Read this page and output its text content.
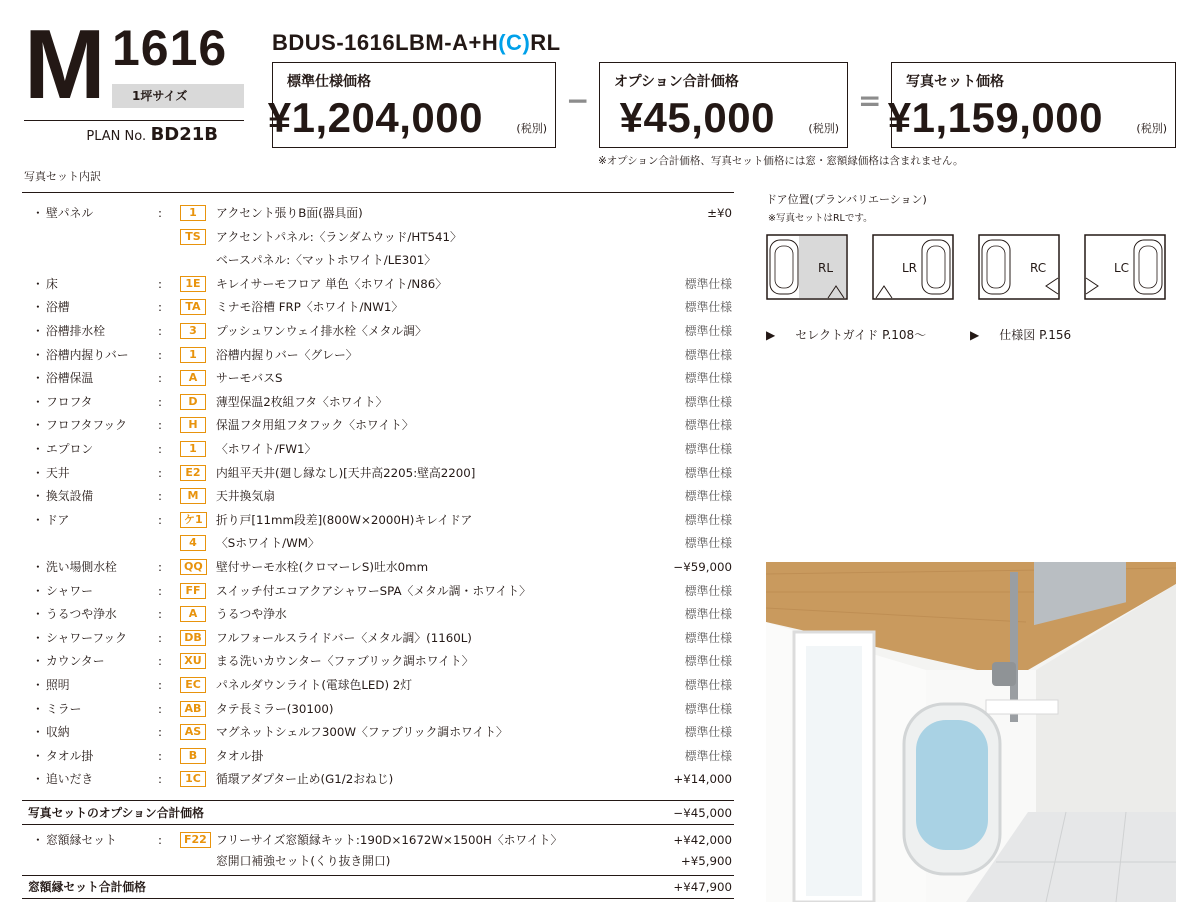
M 1616
1坪サイズ
PLAN No. BD21B
BDUS-1616LBM-A+H(C)RL
標準仕様価格
¥1,204,000	(税別)
−
オプション合計価格
¥45,000	(税別)
=
写真セット価格
¥1,159,000	(税別)
※オプション合計価格、写真セット価格には窓・窓額縁価格は含まれません。
写真セット内訳
・ 壁パネル	:	1	アクセント張りB面(器具面)	±¥0
TS	アクセントパネル:〈ランダムウッド/HT541〉
ベースパネル:〈マットホワイト/LE301〉
・ 床	:	1E	キレイサーモフロア 単色〈ホワイト/N86〉	標準仕様
・ 浴槽	:	TA	ミナモ浴槽 FRP〈ホワイト/NW1〉	標準仕様
・ 浴槽排水栓	:	3	プッシュワンウェイ排水栓〈メタル調〉	標準仕様
・ 浴槽内握りバー :	1	浴槽内握りバー〈グレー〉	標準仕様
・ 浴槽保温	:	A	サーモバスS	標準仕様
・ フロフタ	:	D	薄型保温2枚組フタ〈ホワイト〉	標準仕様
・ フロフタフック	:	H	保温フタ用組フタフック〈ホワイト〉	標準仕様
・ エプロン	:	1	〈ホワイト/FW1〉	標準仕様
・ 天井	:	E2	内組平天井(廻し縁なし)[天井高2205:壁高2200]	標準仕様
・ 換気設備	:	M	天井換気扇	標準仕様
・ ドア	:	ケ1	折り戸[11mm段差](800W×2000H)キレイドア	標準仕様
4	〈Sホワイト/WM〉	標準仕様
・ 洗い場側水栓	:	QQ	壁付サーモ水栓(クロマーレS)吐水0mm	−¥59,000
・ シャワー	:	FF	スイッチ付エコアクアシャワーSPA〈メタル調・ホワイト〉	標準仕様
・ うるつや浄水	:	A	うるつや浄水	標準仕様
・ シャワーフック	:	DB	フルフォールスライドバー〈メタル調〉(1160L)	標準仕様
・ カウンター	:	XU	まる洗いカウンター〈ファブリック調ホワイト〉	標準仕様
・ 照明	:	EC	パネルダウンライト(電球色LED) 2灯	標準仕様
・ ミラー	:	AB	タテ長ミラー(30100)	標準仕様
・ 収納	:	AS	マグネットシェルフ300W〈ファブリック調ホワイト〉	標準仕様
・ タオル掛	:	B	タオル掛	標準仕様
・ 追いだき	:	1C	循環アダプター止め(G1/2おねじ)	+¥14,000
写真セットのオプション合計価格	−¥45,000
・ 窓額縁セット	:	F22 フリーサイズ窓額縁キット:190D×1672W×1500H〈ホワイト〉	+¥42,000
窓開口補強セット(くり抜き開口)	+¥5,900
窓額縁セット合計価格	+¥47,900
ドア位置(プランバリエーション)
※写真セットはRLです。
RL	LR	RC	LC
▶ セレクトガイド P.108〜	▶ 仕様図 P.156
